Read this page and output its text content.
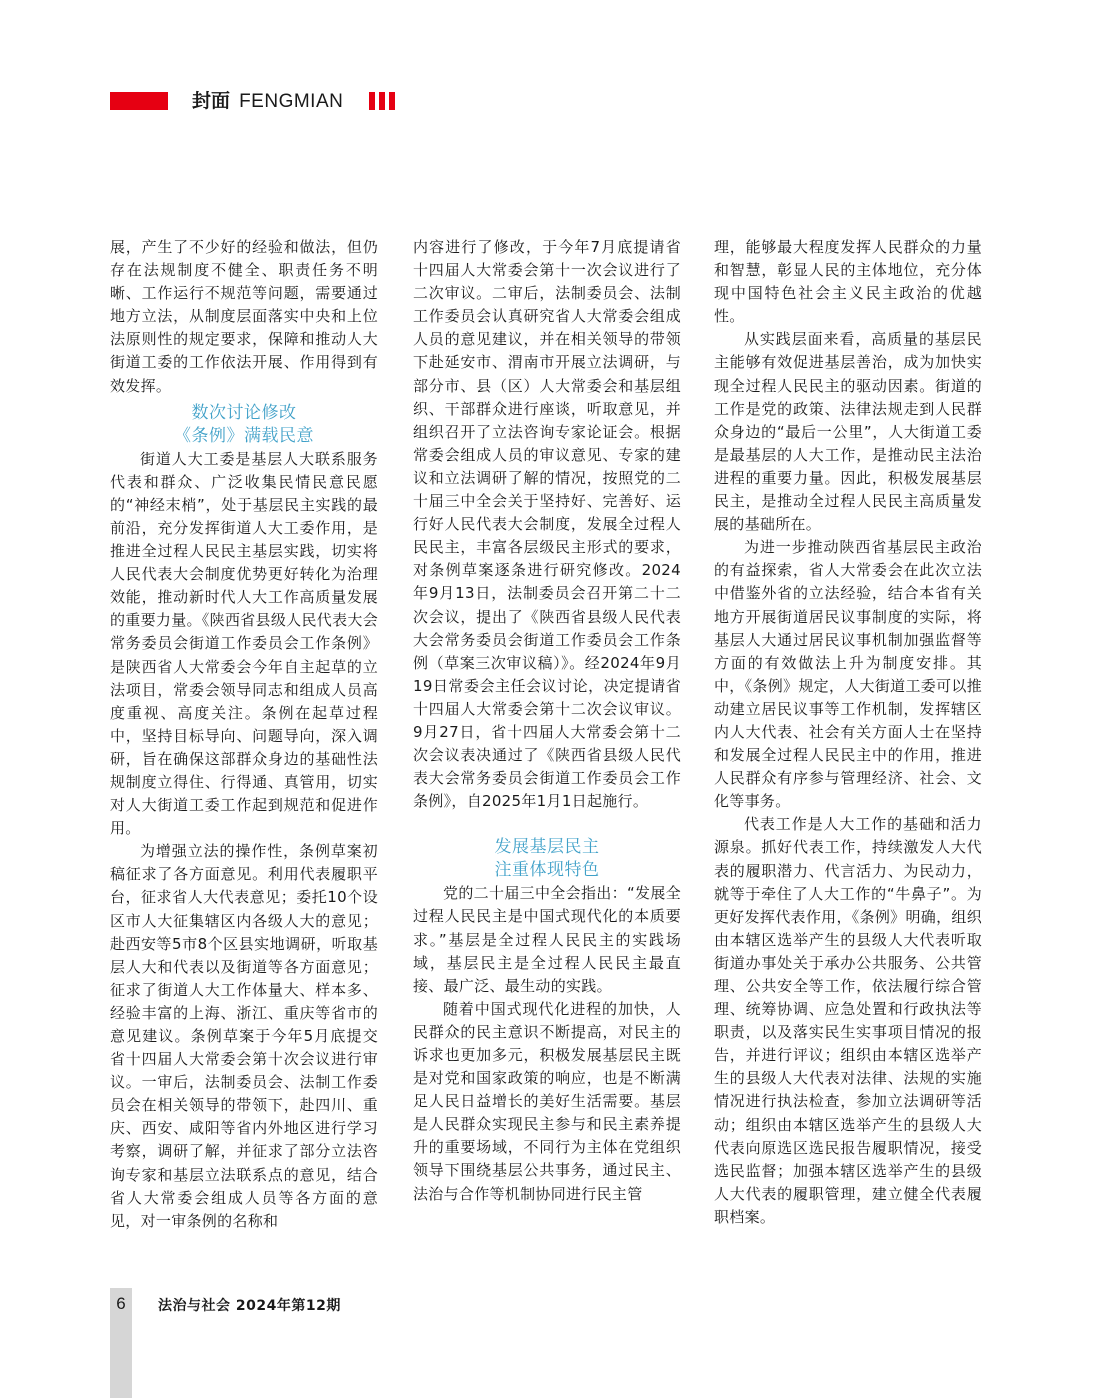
封面 FENGMIAN

展，产生了不少好的经验和做法，但仍存在法规制度不健全、职责任务不明晰、工作运行不规范等问题，需要通过地方立法，从制度层面落实中央和上位法原则性的规定要求，保障和推动人大街道工委的工作依法开展、作用得到有效发挥。

数次讨论修改
《条例》满载民意

街道人大工委是基层人大联系服务代表和群众、广泛收集民情民意民愿的“神经末梢”，处于基层民主实践的最前沿，充分发挥街道人大工委作用，是推进全过程人民民主基层实践，切实将人民代表大会制度优势更好转化为治理效能，推动新时代人大工作高质量发展的重要力量。《陕西省县级人民代表大会常务委员会街道工作委员会工作条例》是陕西省人大常委会今年自主起草的立法项目，常委会领导同志和组成人员高度重视、高度关注。条例在起草过程中，坚持目标导向、问题导向，深入调研，旨在确保这部群众身边的基础性法规制度立得住、行得通、真管用，切实对人大街道工委工作起到规范和促进作用。

为增强立法的操作性，条例草案初稿征求了各方面意见。利用代表履职平台，征求省人大代表意见；委托10个设区市人大征集辖区内各级人大的意见；赴西安等5市8个区县实地调研，听取基层人大和代表以及街道等各方面意见；征求了街道人大工作体量大、样本多、经验丰富的上海、浙江、重庆等省市的意见建议。条例草案于今年5月底提交省十四届人大常委会第十次会议进行审议。一审后，法制委员会、法制工作委员会在相关领导的带领下，赴四川、重庆、西安、咸阳等省内外地区进行学习考察，调研了解，并征求了部分立法咨询专家和基层立法联系点的意见，结合省人大常委会组成人员等各方面的意见，对一审条例的名称和

内容进行了修改，于今年7月底提请省十四届人大常委会第十一次会议进行了二次审议。二审后，法制委员会、法制工作委员会认真研究省人大常委会组成人员的意见建议，并在相关领导的带领下赴延安市、渭南市开展立法调研，与部分市、县（区）人大常委会和基层组织、干部群众进行座谈，听取意见，并组织召开了立法咨询专家论证会。根据常委会组成人员的审议意见、专家的建议和立法调研了解的情况，按照党的二十届三中全会关于坚持好、完善好、运行好人民代表大会制度，发展全过程人民民主，丰富各层级民主形式的要求，对条例草案逐条进行研究修改。2024年9月13日，法制委员会召开第二十二次会议，提出了《陕西省县级人民代表大会常务委员会街道工作委员会工作条例（草案三次审议稿）》。经2024年9月19日常委会主任会议讨论，决定提请省十四届人大常委会第十二次会议审议。9月27日，省十四届人大常委会第十二次会议表决通过了《陕西省县级人民代表大会常务委员会街道工作委员会工作条例》，自2025年1月1日起施行。

发展基层民主
注重体现特色

党的二十届三中全会指出：“发展全过程人民民主是中国式现代化的本质要求。”基层是全过程人民民主的实践场域，基层民主是全过程人民民主最直接、最广泛、最生动的实践。

随着中国式现代化进程的加快，人民群众的民主意识不断提高，对民主的诉求也更加多元，积极发展基层民主既是对党和国家政策的响应，也是不断满足人民日益增长的美好生活需要。基层是人民群众实现民主参与和民主素养提升的重要场域，不同行为主体在党组织领导下围绕基层公共事务，通过民主、法治与合作等机制协同进行民主管

理，能够最大程度发挥人民群众的力量和智慧，彰显人民的主体地位，充分体现中国特色社会主义民主政治的优越性。

从实践层面来看，高质量的基层民主能够有效促进基层善治，成为加快实现全过程人民民主的驱动因素。街道的工作是党的政策、法律法规走到人民群众身边的“最后一公里”，人大街道工委是最基层的人大工作，是推动民主法治进程的重要力量。因此，积极发展基层民主，是推动全过程人民民主高质量发展的基础所在。

为进一步推动陕西省基层民主政治的有益探索，省人大常委会在此次立法中借鉴外省的立法经验，结合本省有关地方开展街道居民议事制度的实际，将基层人大通过居民议事机制加强监督等方面的有效做法上升为制度安排。其中，《条例》规定，人大街道工委可以推动建立居民议事等工作机制，发挥辖区内人大代表、社会有关方面人士在坚持和发展全过程人民民主中的作用，推进人民群众有序参与管理经济、社会、文化等事务。

代表工作是人大工作的基础和活力源泉。抓好代表工作，持续激发人大代表的履职潜力、代言活力、为民动力，就等于牵住了人大工作的“牛鼻子”。为更好发挥代表作用，《条例》明确，组织由本辖区选举产生的县级人大代表听取街道办事处关于承办公共服务、公共管理、公共安全等工作，依法履行综合管理、统筹协调、应急处置和行政执法等职责，以及落实民生实事项目情况的报告，并进行评议；组织由本辖区选举产生的县级人大代表对法律、法规的实施情况进行执法检查，参加立法调研等活动；组织由本辖区选举产生的县级人大代表向原选区选民报告履职情况，接受选民监督；加强本辖区选举产生的县级人大代表的履职管理，建立健全代表履职档案。

6	法治与社会 2024年第12期
